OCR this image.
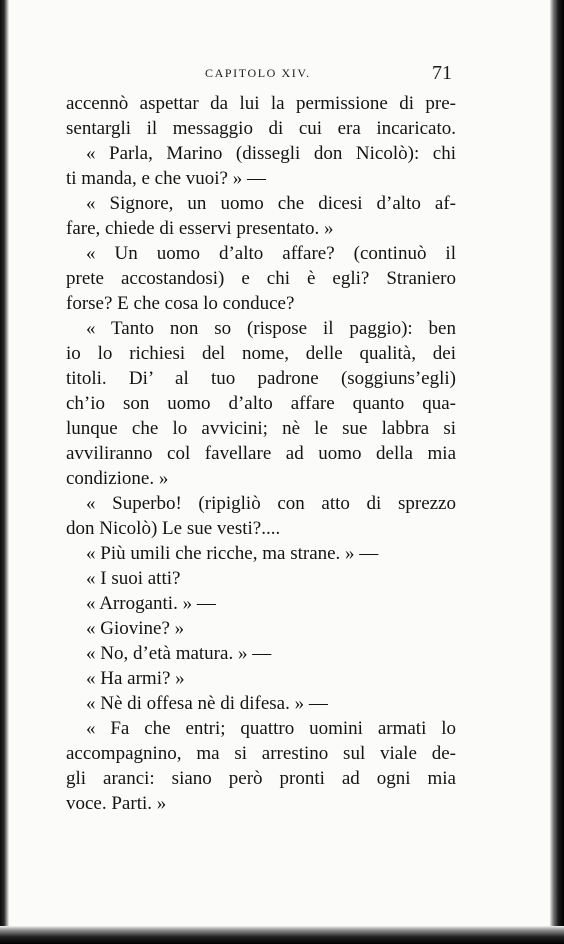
CAPITOLO XIV.	71
accennò aspettar da lui la permissione di pre-
sentargli il messaggio di cui era incaricato.
« Parla, Marino (dissegli don Nicolò): chi
ti manda, e che vuoi? » —
« Signore, un uomo che dicesi d’alto af-
fare, chiede di esservi presentato. »
« Un uomo d’alto affare? (continuò il
prete accostandosi) e chi è egli? Straniero
forse? E che cosa lo conduce?
« Tanto non so (rispose il paggio): ben
io lo richiesi del nome, delle qualità, dei
titoli. Di’ al tuo padrone (soggiuns’egli)
ch’io son uomo d’alto affare quanto qua-
lunque che lo avvicini; nè le sue labbra si
avviliranno col favellare ad uomo della mia
condizione. »
« Superbo! (ripigliò con atto di sprezzo
don Nicolò) Le sue vesti?....
« Più umili che ricche, ma strane. » —
« I suoi atti?
« Arroganti. » —
« Giovine? »
« No, d’età matura. » —
« Ha armi? »
« Nè di offesa nè di difesa. » —
« Fa che entri; quattro uomini armati lo
accompagnino, ma si arrestino sul viale de-
gli aranci: siano però pronti ad ogni mia
voce. Parti. »
